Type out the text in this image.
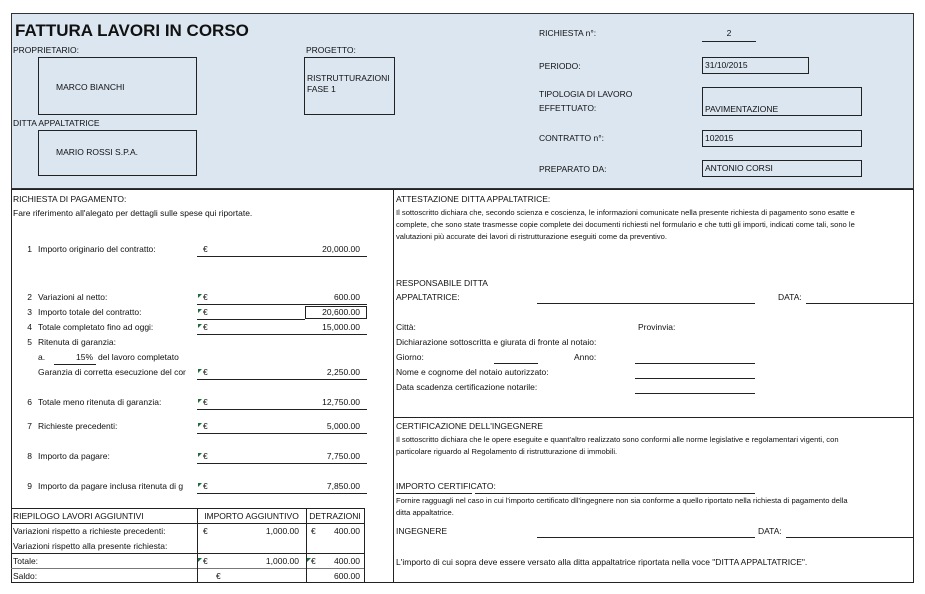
FATTURA LAVORI IN CORSO
PROPRIETARIO:
MARCO BIANCHI
PROGETTO:
RISTRUTTURAZIONI
FASE 1
DITTA APPALTATRICE
MARIO ROSSI S.P.A.
RICHIESTA n°:	2
PERIODO:	31/10/2015
TIPOLOGIA DI LAVORO
EFFETTUATO:	PAVIMENTAZIONE
CONTRATTO n°:	102015
PREPARATO DA:	ANTONIO CORSI
RICHIESTA DI PAGAMENTO:
Fare riferimento all'alegato per dettagli sulle spese qui riportate.
1 Importo originario del contratto:	€	20,000.00
2 Variazioni al netto:	€	600.00
3 Importo totale del contratto:	€	20,600.00
4 Totale completato fino ad oggi:	€	15,000.00
5 Ritenuta di garanzia:
a.	15% del lavoro completato
Garanzia di corretta esecuzione del cor	€	2,250.00
6 Totale meno ritenuta di garanzia:	€	12,750.00
7 Richieste precedenti:	€	5,000.00
8 Importo da pagare:	€	7,750.00
9 Importo da pagare inclusa ritenuta di g	€	7,850.00
RIEPILOGO LAVORI AGGIUNTIVI	IMPORTO AGGIUNTIVO	DETRAZIONI
Variazioni rispetto a richieste precedenti:	€	1,000.00 €	400.00
Variazioni rispetto alla presente richiesta:
Totale:	€	1,000.00 €	400.00
Saldo:	€	600.00
ATTESTAZIONE DITTA APPALTATRICE:
Il sottoscritto dichiara che, secondo scienza e coscienza, le informazioni comunicate nella presente richiesta di pagamento sono esatte e
complete, che sono state trasmesse copie complete dei documenti richiesti nel formulario e che tutti gli importi, indicati come tali, sono le
valutazioni più accurate dei lavori di ristrutturazione eseguiti come da preventivo.
RESPONSABILE DITTA
APPALTATRICE:	DATA:
Città:	Provinvia:
Dichiarazione sottoscritta e giurata di fronte al notaio:
Giorno:	Anno:
Nome e cognome del notaio autorizzato:
Data scadenza certificazione notarile:
CERTIFICAZIONE DELL'INGEGNERE
Il sottoscritto dichiara che le opere eseguite e quant'altro realizzato sono conformi alle norme legislative e regolamentari vigenti, con
particolare riguardo al Regolamento di ristrutturazione di immobili.
IMPORTO CERTIFICATO:
Fornire ragguagli nel caso in cui l'importo certificato dll'ingegnere non sia conforme a quello riportato nella richiesta di pagamento della
ditta appaltatrice.
INGEGNERE	DATA:
L'importo di cui sopra deve essere versato alla ditta appaltatrice riportata nella voce "DITTA APPALTATRICE".
